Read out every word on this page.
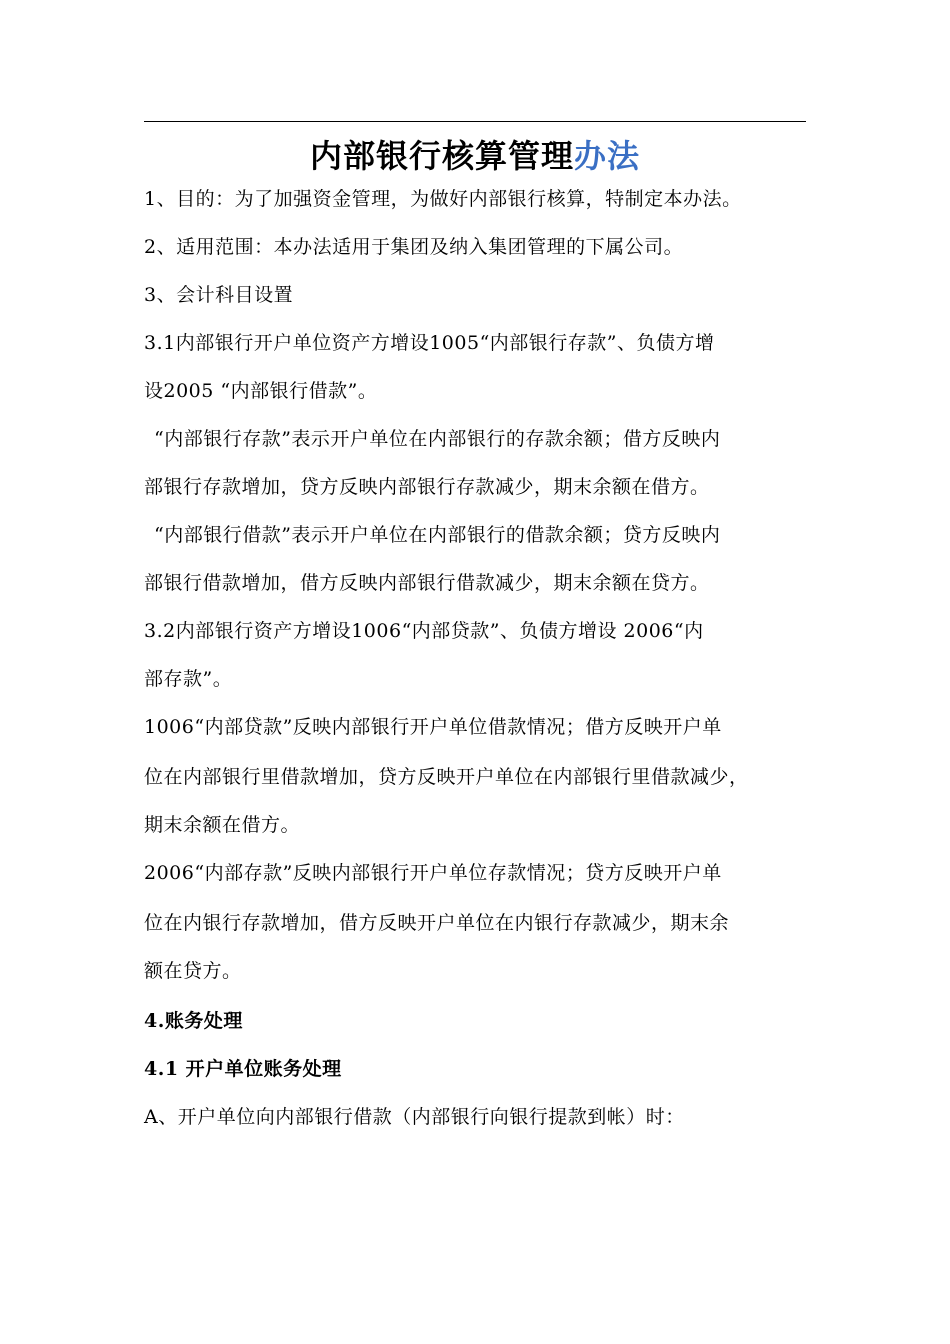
内部银行核算管理办法
1、目的：为了加强资金管理，为做好内部银行核算，特制定本办法。
2、适用范围：本办法适用于集团及纳入集团管理的下属公司。
3、会计科目设置
3.1内部银行开户单位资产方增设1005“内部银行存款”、负债方增
设2005 “内部银行借款”。
“内部银行存款”表示开户单位在内部银行的存款余额；借方反映内
部银行存款增加，贷方反映内部银行存款减少，期末余额在借方。
“内部银行借款”表示开户单位在内部银行的借款余额；贷方反映内
部银行借款增加，借方反映内部银行借款减少，期末余额在贷方。
3.2内部银行资产方增设1006“内部贷款”、负债方增设 2006“内
部存款”。
1006“内部贷款”反映内部银行开户单位借款情况；借方反映开户单
位在内部银行里借款增加，贷方反映开户单位在内部银行里借款减少，
期末余额在借方。
2006“内部存款”反映内部银行开户单位存款情况；贷方反映开户单
位在内银行存款增加，借方反映开户单位在内银行存款减少，期末余
额在贷方。
4.账务处理
4.1 开户单位账务处理
A、开户单位向内部银行借款（内部银行向银行提款到帐）时：
